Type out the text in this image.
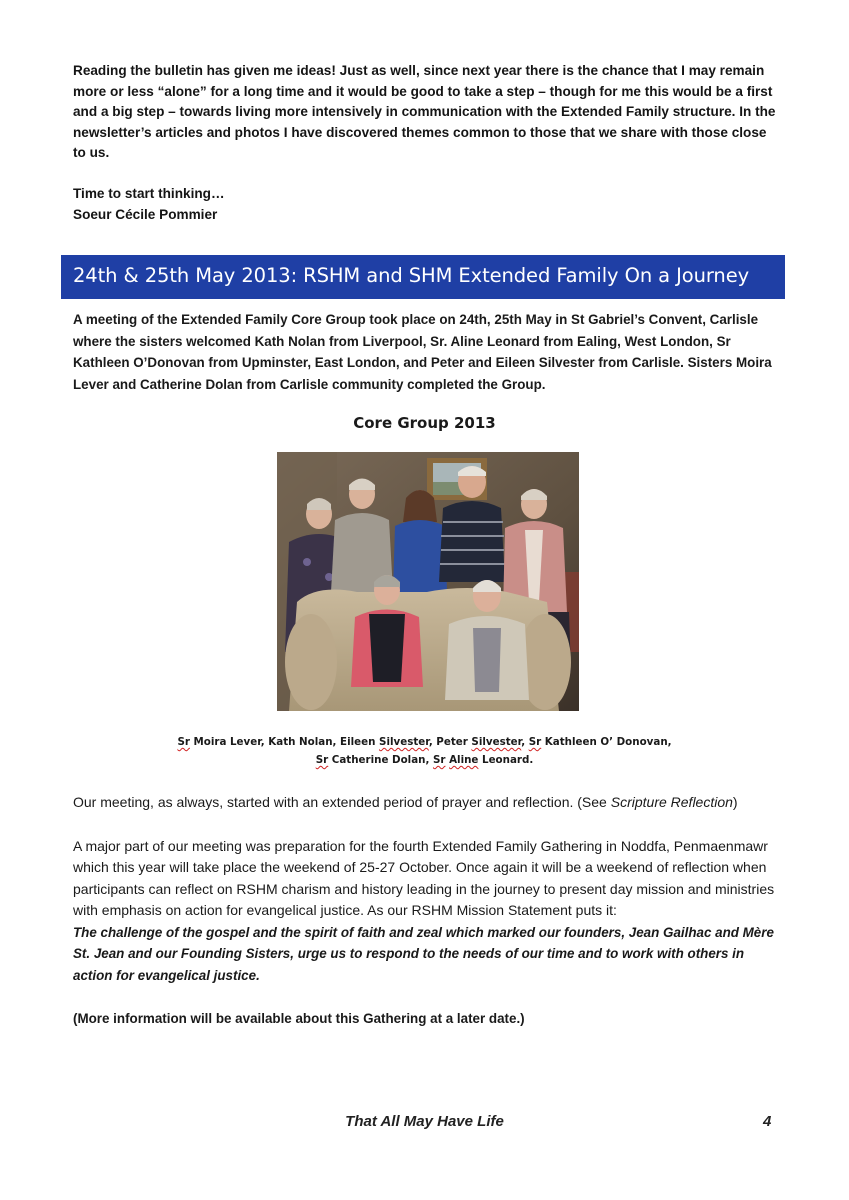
Reading the bulletin has given me ideas! Just as well, since next year there is the chance that I may remain more or less “alone” for a long time and it would be good to take a step – though for me this would be a first and a big step – towards living more intensively in communication with the Extended Family structure. In the newsletter’s articles and photos I have discovered themes common to those that we share with those close to us.

Time to start thinking…

Soeur Cécile Pommier

24th & 25th May 2013: RSHM and SHM Extended Family On a Journey

A meeting of the Extended Family Core Group took place on 24th, 25th May in St Gabriel’s Convent, Carlisle where the sisters welcomed Kath Nolan from Liverpool, Sr. Aline Leonard from Ealing, West London, Sr Kathleen O’Donovan from Upminster, East London, and Peter and Eileen Silvester from Carlisle. Sisters Moira Lever and Catherine Dolan from Carlisle community completed the Group.

Core Group 2013
Sr Moira Lever, Kath Nolan, Eileen Silvester, Peter Silvester, Sr Kathleen O’ Donovan,
Sr Catherine Dolan, Sr Aline Leonard.

Our meeting, as always, started with an extended period of prayer and reflection. (See Scripture Reflection)

A major part of our meeting was preparation for the fourth Extended Family Gathering in Noddfa, Penmaenmawr which this year will take place the weekend of 25-27 October. Once again it will be a weekend of reflection when participants can reflect on RSHM charism and history leading in the journey to present day mission and ministries with emphasis on action for evangelical justice. As our RSHM Mission Statement puts it:

The challenge of the gospel and the spirit of faith and zeal which marked our founders, Jean Gailhac and Mère St. Jean and our Founding Sisters, urge us to respond to the needs of our time and to work with others in action for evangelical justice.

(More information will be available about this Gathering at a later date.)

That All May Have Life	4
